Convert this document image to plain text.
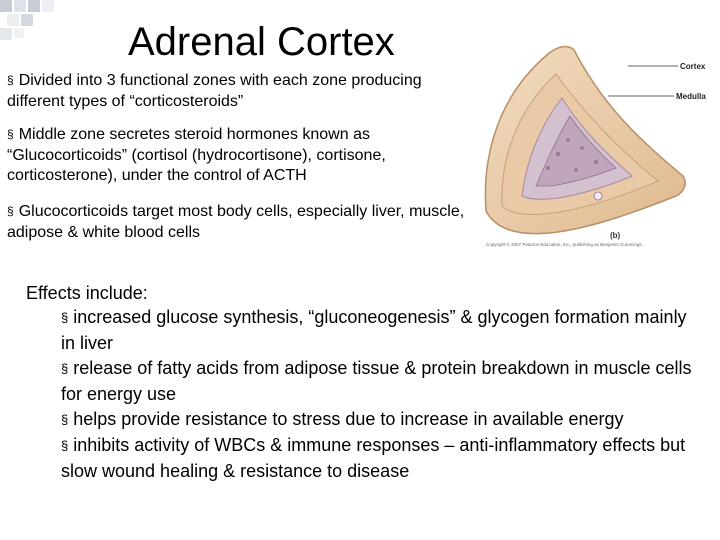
Adrenal Cortex
§ Divided into 3 functional zones with each zone producing different types of “corticosteroids”
§ Middle zone secretes steroid hormones known as “Glucocorticoids” (cortisol (hydrocortisone), cortisone, corticosterone), under the control of ACTH
§ Glucocorticoids target most body cells, especially liver, muscle, adipose & white blood cells
Effects include:
§ increased glucose synthesis, “gluconeogenesis” & glycogen formation mainly in liver
§ release of fatty acids from adipose tissue & protein breakdown in muscle cells for energy use
§ helps provide resistance to stress due to increase in available energy
§ inhibits activity of WBCs & immune responses – anti-inflammatory effects but slow wound healing & resistance to disease
Cortex
Medulla
(b)
Copyright © 2007 Pearson Education, Inc., publishing as Benjamin Cummings.
